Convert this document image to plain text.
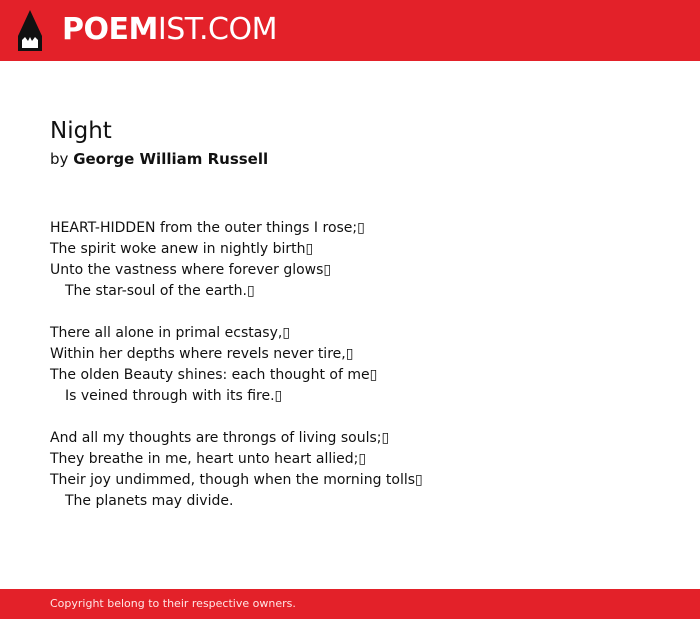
POEMIST.COM
Night
by George William Russell
HEART-HIDDEN from the outer things I rose;▯
The spirit woke anew in nightly birth▯
Unto the vastness where forever glows▯
The star-soul of the earth.▯
There all alone in primal ecstasy,▯
Within her depths where revels never tire,▯
The olden Beauty shines: each thought of me▯
Is veined through with its fire.▯
And all my thoughts are throngs of living souls;▯
They breathe in me, heart unto heart allied;▯
Their joy undimmed, though when the morning tolls▯
The planets may divide.
Copyright belong to their respective owners.
